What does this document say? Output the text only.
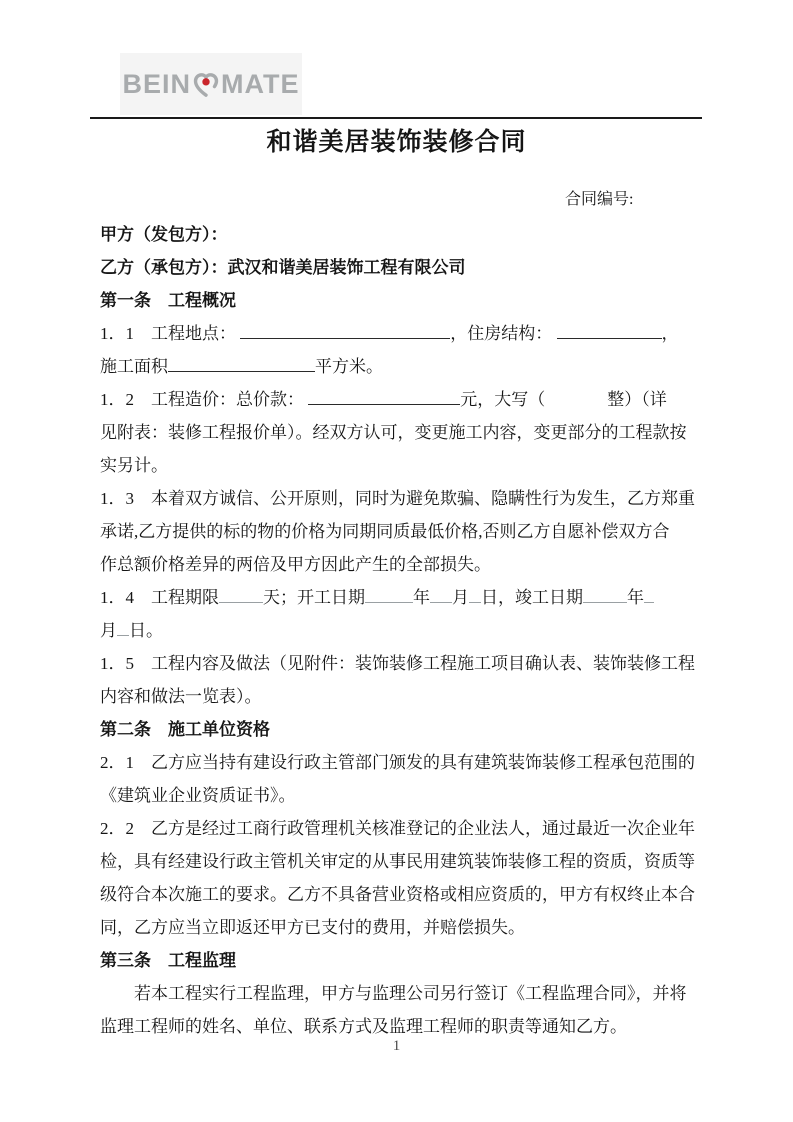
BEIN MATE
和谐美居装饰装修合同
合同编号:
甲方（发包方）：
乙方（承包方）：武汉和谐美居装饰工程有限公司
第一条　工程概况
1．1　工程地点：	，住房结构：	，
施工面积	平方米。
1．2　工程造价：总价款：	元，大写（	整）（详
见附表：装修工程报价单）。经双方认可，变更施工内容，变更部分的工程款按
实另计。
1．3　本着双方诚信、公开原则，同时为避免欺骗、隐瞒性行为发生，乙方郑重
承诺,乙方提供的标的物的价格为同期同质最低价格,否则乙方自愿补偿双方合
作总额价格差异的两倍及甲方因此产生的全部损失。
1．4　工程期限	天；开工日期	年 月 日，竣工日期	年
月 日。
1．5　工程内容及做法（见附件：装饰装修工程施工项目确认表、装饰装修工程
内容和做法一览表）。
第二条　施工单位资格
2．1　乙方应当持有建设行政主管部门颁发的具有建筑装饰装修工程承包范围的
《建筑业企业资质证书》。
2．2　乙方是经过工商行政管理机关核准登记的企业法人，通过最近一次企业年
检，具有经建设行政主管机关审定的从事民用建筑装饰装修工程的资质，资质等
级符合本次施工的要求。乙方不具备营业资格或相应资质的，甲方有权终止本合
同，乙方应当立即返还甲方已支付的费用，并赔偿损失。
第三条　工程监理
　　若本工程实行工程监理，甲方与监理公司另行签订《工程监理合同》，并将
监理工程师的姓名、单位、联系方式及监理工程师的职责等通知乙方。
1
